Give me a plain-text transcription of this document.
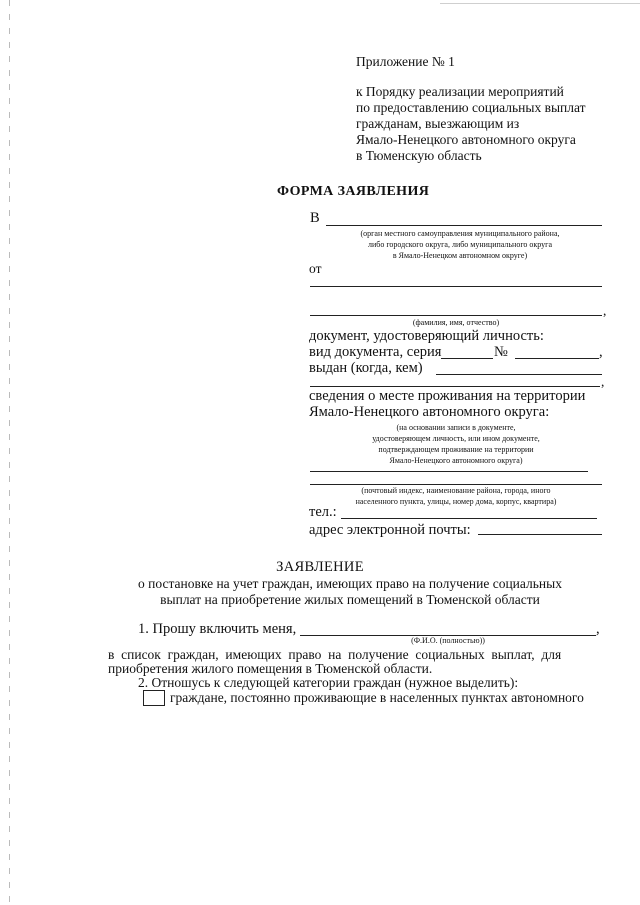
Приложение № 1
к Порядку реализации мероприятий
по предоставлению социальных выплат
гражданам, выезжающим из
Ямало-Ненецкого автономного округа
в Тюменскую область
ФОРМА ЗАЯВЛЕНИЯ
В
(орган местного самоуправления муниципального района,
либо городского округа, либо муниципального округа
в Ямало-Ненецком автономном округе)
от
,
(фамилия, имя, отчество)
документ, удостоверяющий личность:
вид документа, серия	№	,
выдан (когда, кем)
,
сведения о месте проживания на территории
Ямало-Ненецкого автономного округа:
(на основании записи в документе,
удостоверяющем личность, или ином документе,
подтверждающем проживание на территории
Ямало-Ненецкого автономного округа)
(почтовый индекс, наименование района, города, иного
населенного пункта, улицы, номер дома, корпус, квартира)
тел.:
адрес электронной почты:
ЗАЯВЛЕНИЕ
о постановке на учет граждан, имеющих право на получение социальных
выплат на приобретение жилых помещений в Тюменской области
1. Прошу включить меня,	,
(Ф.И.О. (полностью))
в  список  граждан,  имеющих  право  на  получение  социальных  выплат,  для
приобретения жилого помещения в Тюменской области.
2. Отношусь к следующей категории граждан (нужное выделить):
граждане, постоянно проживающие в населенных пунктах автономного
